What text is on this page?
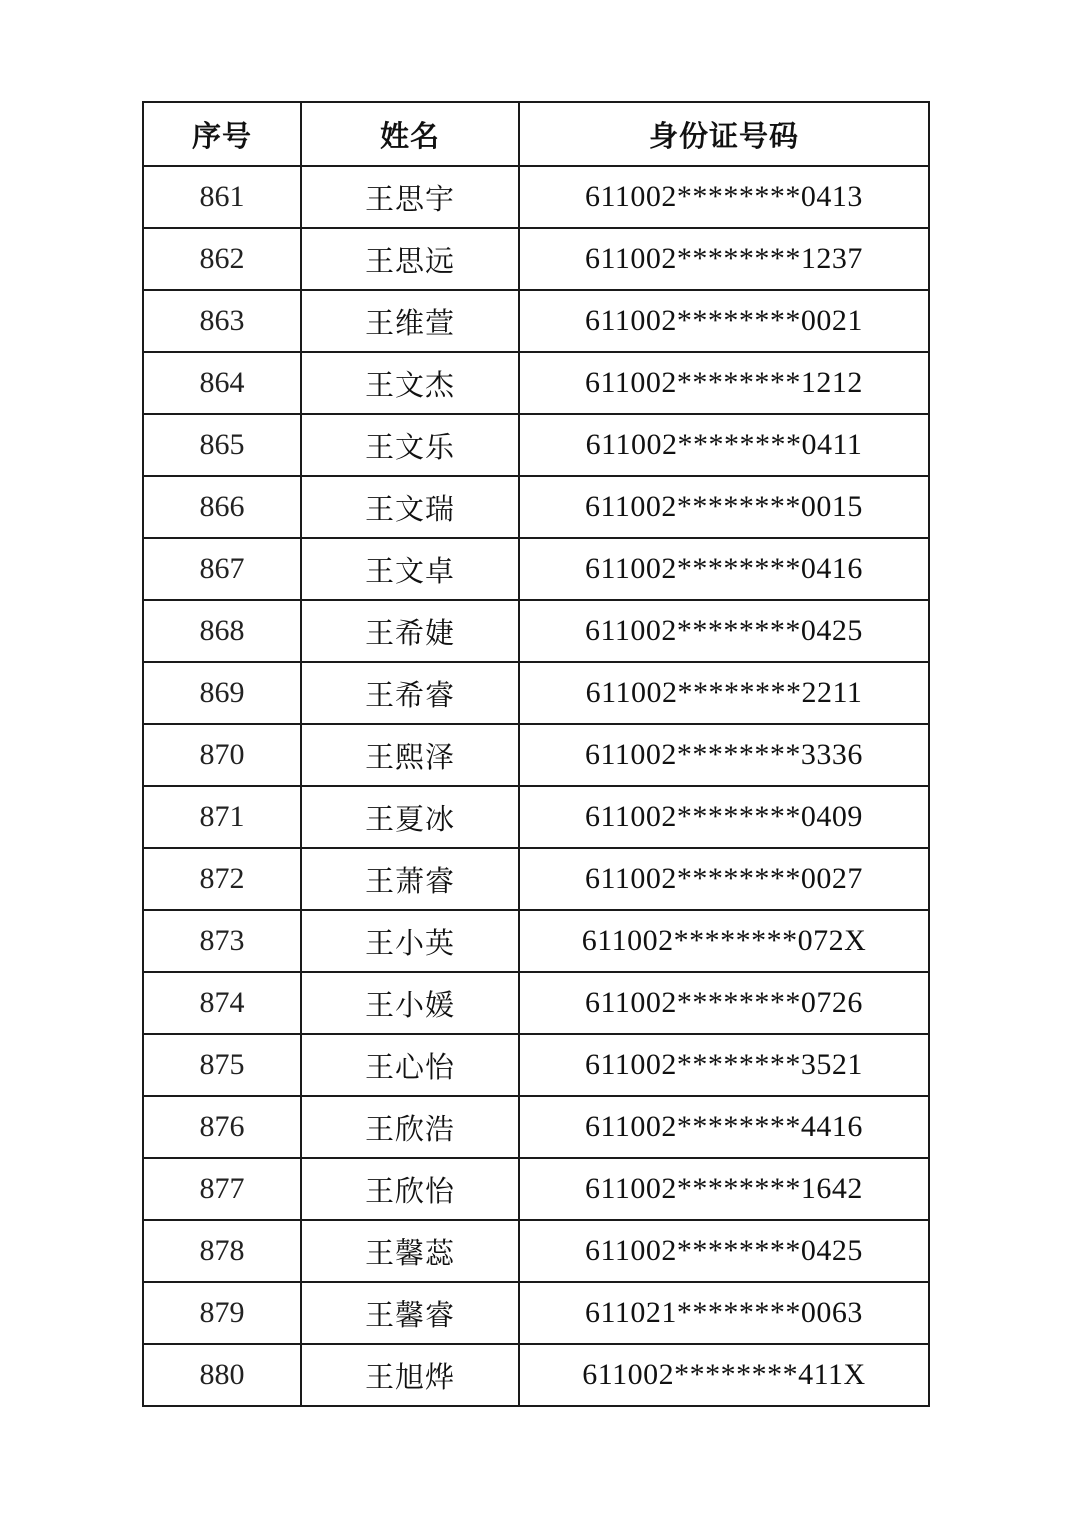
序号	姓名	身份证号码
861	王思宇	611002********0413
862	王思远	611002********1237
863	王维萱	611002********0021
864	王文杰	611002********1212
865	王文乐	611002********0411
866	王文瑞	611002********0015
867	王文卓	611002********0416
868	王希婕	611002********0425
869	王希睿	611002********2211
870	王熙泽	611002********3336
871	王夏冰	611002********0409
872	王萧睿	611002********0027
873	王小英	611002********072X
874	王小媛	611002********0726
875	王心怡	611002********3521
876	王欣浩	611002********4416
877	王欣怡	611002********1642
878	王馨蕊	611002********0425
879	王馨睿	611021********0063
880	王旭烨	611002********411X
